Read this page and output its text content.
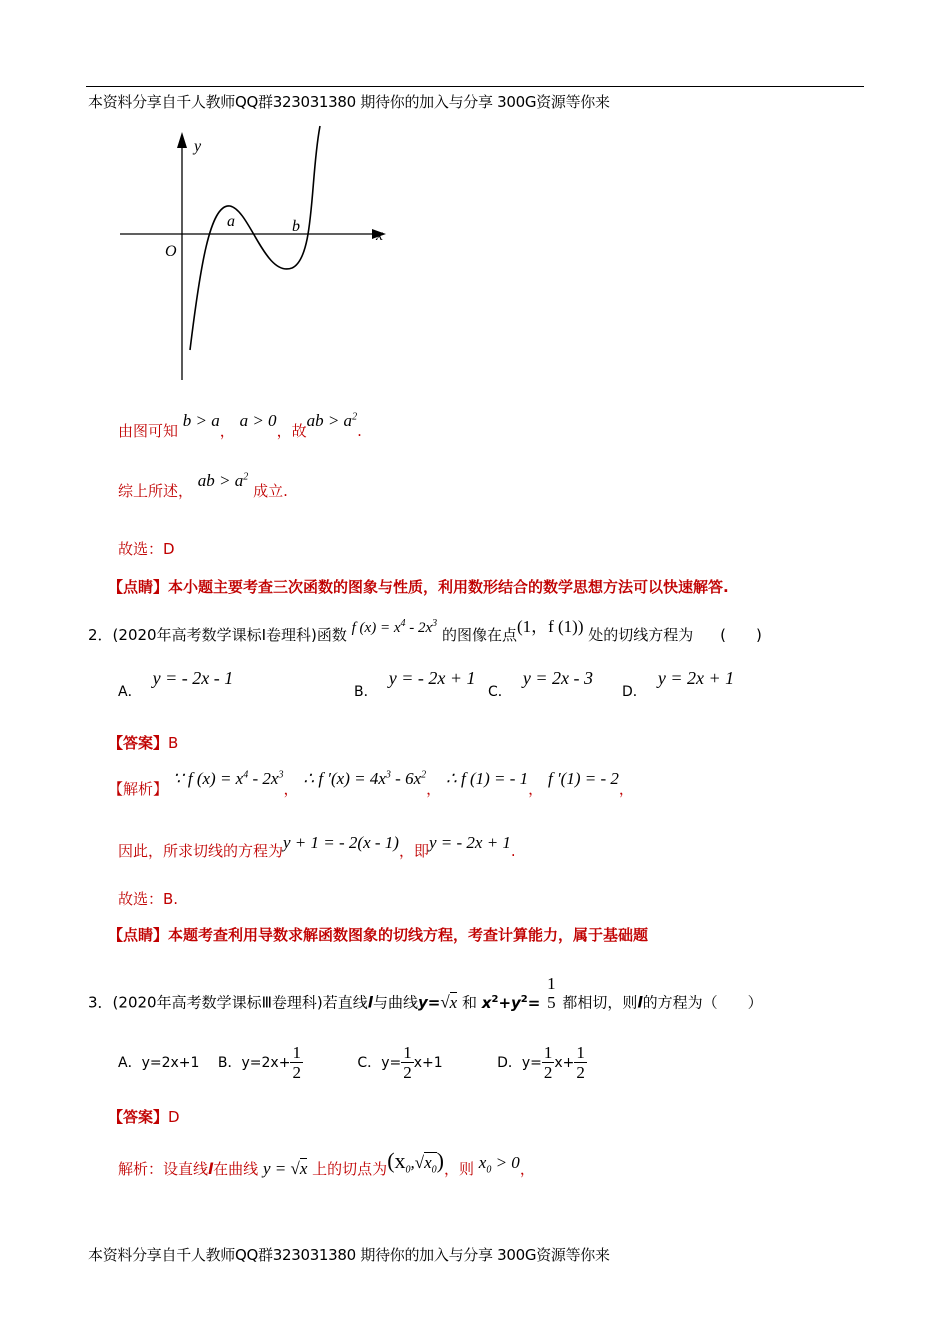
本资料分享自千人教师QQ群323031380 期待你的加入与分享 300G资源等你来
y
x
O
a	b
由图可知 b > a， a > 0，故ab > $a^2$.
综上所述， ab > $a^2$ 成立.
故选：D
【点睛】本小题主要考查三次函数的图象与性质，利用数形结合的数学思想方法可以快速解答.
2．(2020年高考数学课标Ⅰ卷理科)函数 f $(x) = x^4 - 2x^3$ 的图像在点(1，f (1)) 处的切线方程为 (　　)
A． y = - 2x - 1
B． y = - 2x + 1
C． y = 2x - 3
D． y = 2x + 1
【答案】B
【解析】 ∵ f $(x) = x^4 - 2x^3$， ∴ f $'(x) = 4x^3 - 6x^2$， ∴ f (1) = - 1， f ′(1) = - 2，
因此，所求切线的方程为y + 1 = - 2(x - 1)，即y = - 2x + 1.
故选：B.
【点睛】本题考查利用导数求解函数图象的切线方程，考查计算能力，属于基础题
3．(2020年高考数学课标Ⅲ卷理科)若直线l与曲线y=√x 和 $x^2+y^2=$
1
5 都相切，则l的方程为（　　）
A．y=2x+1 B．$y=2x+ \frac{1}{2}$	C．$y= \frac{1}{2} x+1$	D．$y= \frac{1}{2} x+ \frac{1}{2}$
【答案】D
解析：设直线l在曲线 y = √x 上的切点为$(x_0,√x_0)$，则 $x_0 > 0$，
本资料分享自千人教师QQ群323031380 期待你的加入与分享 300G资源等你来
